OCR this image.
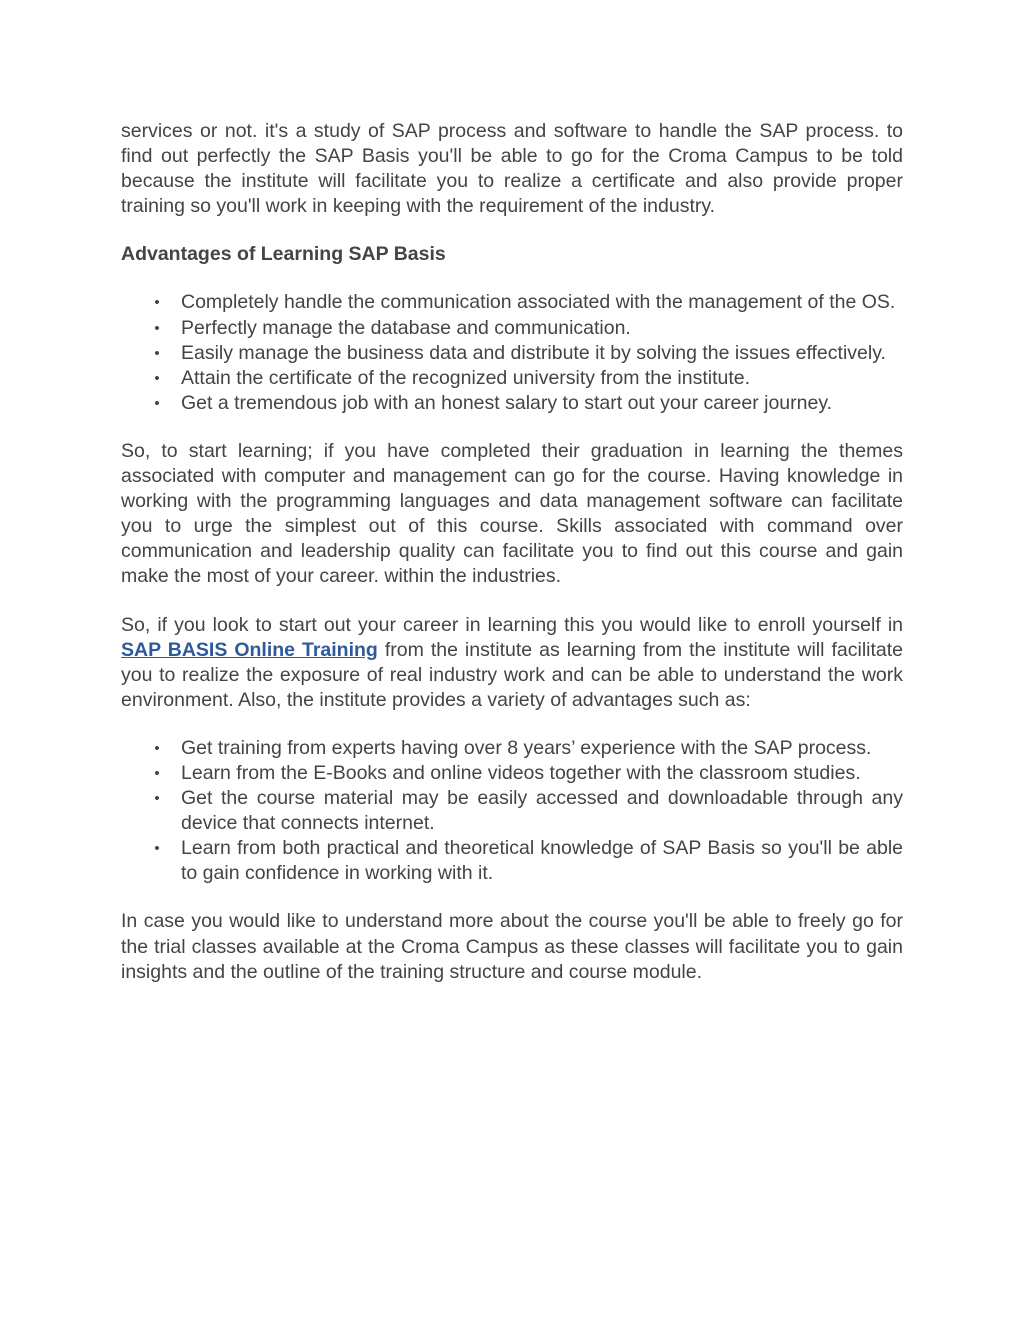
services or not. it's a study of SAP process and software to handle the SAP process. to find out perfectly the SAP Basis you'll be able to go for the Croma Campus to be told because the institute will facilitate you to realize a certificate and also provide proper training so you'll work in keeping with the requirement of the industry.

Advantages of Learning SAP Basis
• Completely handle the communication associated with the management of the OS.
• Perfectly manage the database and communication.
• Easily manage the business data and distribute it by solving the issues effectively.
• Attain the certificate of the recognized university from the institute.
• Get a tremendous job with an honest salary to start out your career journey.

So, to start learning; if you have completed their graduation in learning the themes associated with computer and management can go for the course. Having knowledge in working with the programming languages and data management software can facilitate you to urge the simplest out of this course. Skills associated with command over communication and leadership quality can facilitate you to find out this course and gain make the most of your career. within the industries.

So, if you look to start out your career in learning this you would like to enroll yourself in SAP BASIS Online Training from the institute as learning from the institute will facilitate you to realize the exposure of real industry work and can be able to understand the work environment. Also, the institute provides a variety of advantages such as:

• Get training from experts having over 8 years’ experience with the SAP process.
• Learn from the E-Books and online videos together with the classroom studies.
• Get the course material may be easily accessed and downloadable through any device that connects internet.
• Learn from both practical and theoretical knowledge of SAP Basis so you'll be able to gain confidence in working with it.

In case you would like to understand more about the course you'll be able to freely go for the trial classes available at the Croma Campus as these classes will facilitate you to gain insights and the outline of the training structure and course module.
